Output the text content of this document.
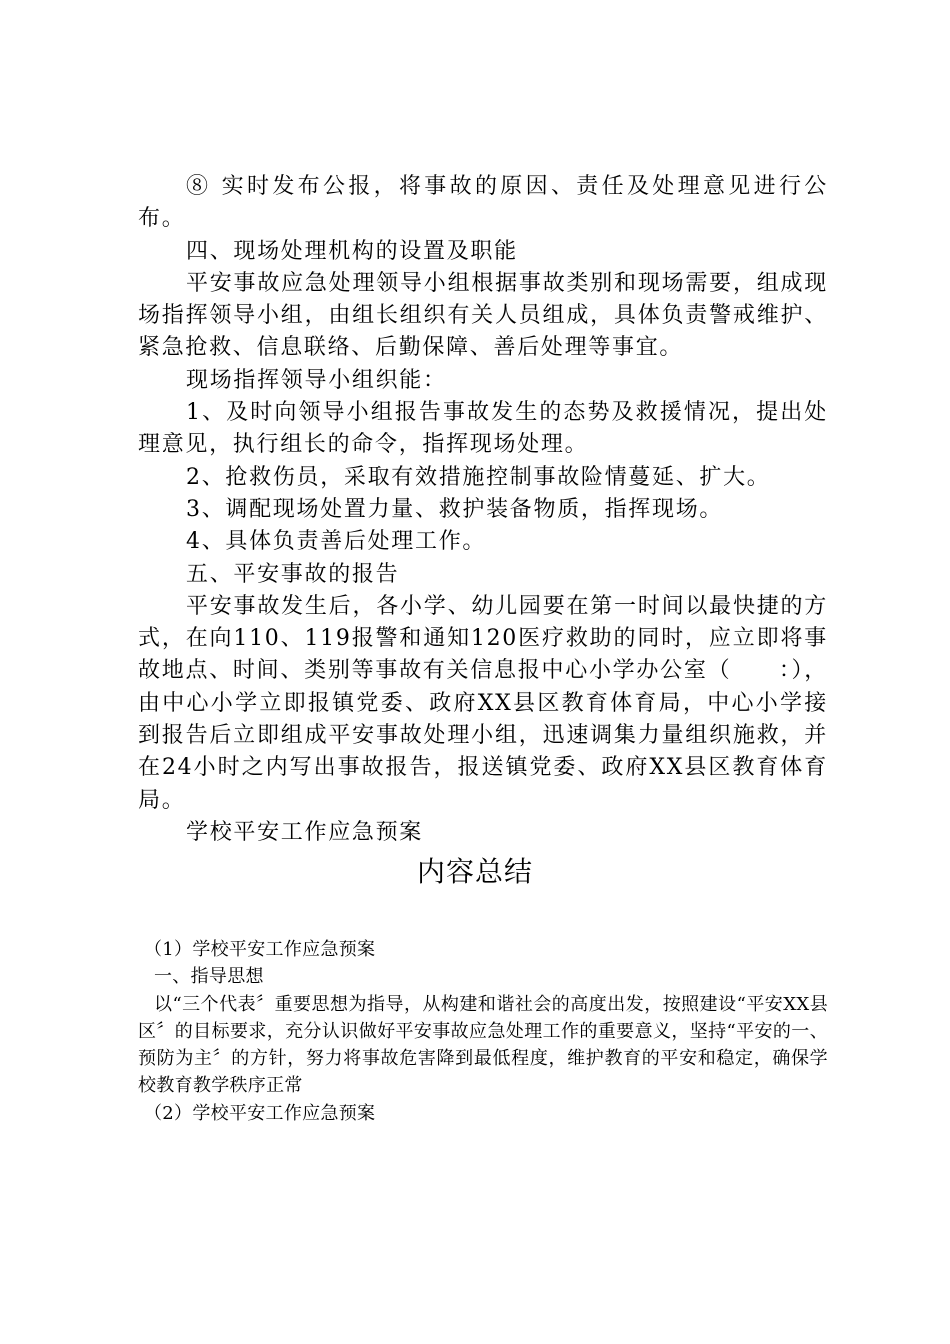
⑧ 实时发布公报，将事故的原因、责任及处理意见进行公布。

四、现场处理机构的设置及职能

平安事故应急处理领导小组根据事故类别和现场需要，组成现场指挥领导小组，由组长组织有关人员组成，具体负责警戒维护、紧急抢救、信息联络、后勤保障、善后处理等事宜。

现场指挥领导小组织能：

1、及时向领导小组报告事故发生的态势及救援情况，提出处理意见，执行组长的命令，指挥现场处理。

2、抢救伤员，采取有效措施控制事故险情蔓延、扩大。

3、调配现场处置力量、救护装备物质，指挥现场。

4、具体负责善后处理工作。

五、平安事故的报告

平安事故发生后，各小学、幼儿园要在第一时间以最快捷的方式，在向110、119报警和通知120医疗救助的同时，应立即将事故地点、时间、类别等事故有关信息报中心小学办公室（　　：），由中心小学立即报镇党委、政府XX县区教育体育局，中心小学接到报告后立即组成平安事故处理小组，迅速调集力量组织施救，并在24小时之内写出事故报告，报送镇党委、政府XX县区教育体育局。

学校平安工作应急预案

内容总结

（1）学校平安工作应急预案

一、指导思想

以“三个代表〞重要思想为指导，从构建和谐社会的高度出发，按照建设“平安XX县区〞的目标要求，充分认识做好平安事故应急处理工作的重要意义，坚持“平安的一、预防为主〞的方针，努力将事故危害降到最低程度，维护教育的平安和稳定，确保学校教育教学秩序正常

（2）学校平安工作应急预案
